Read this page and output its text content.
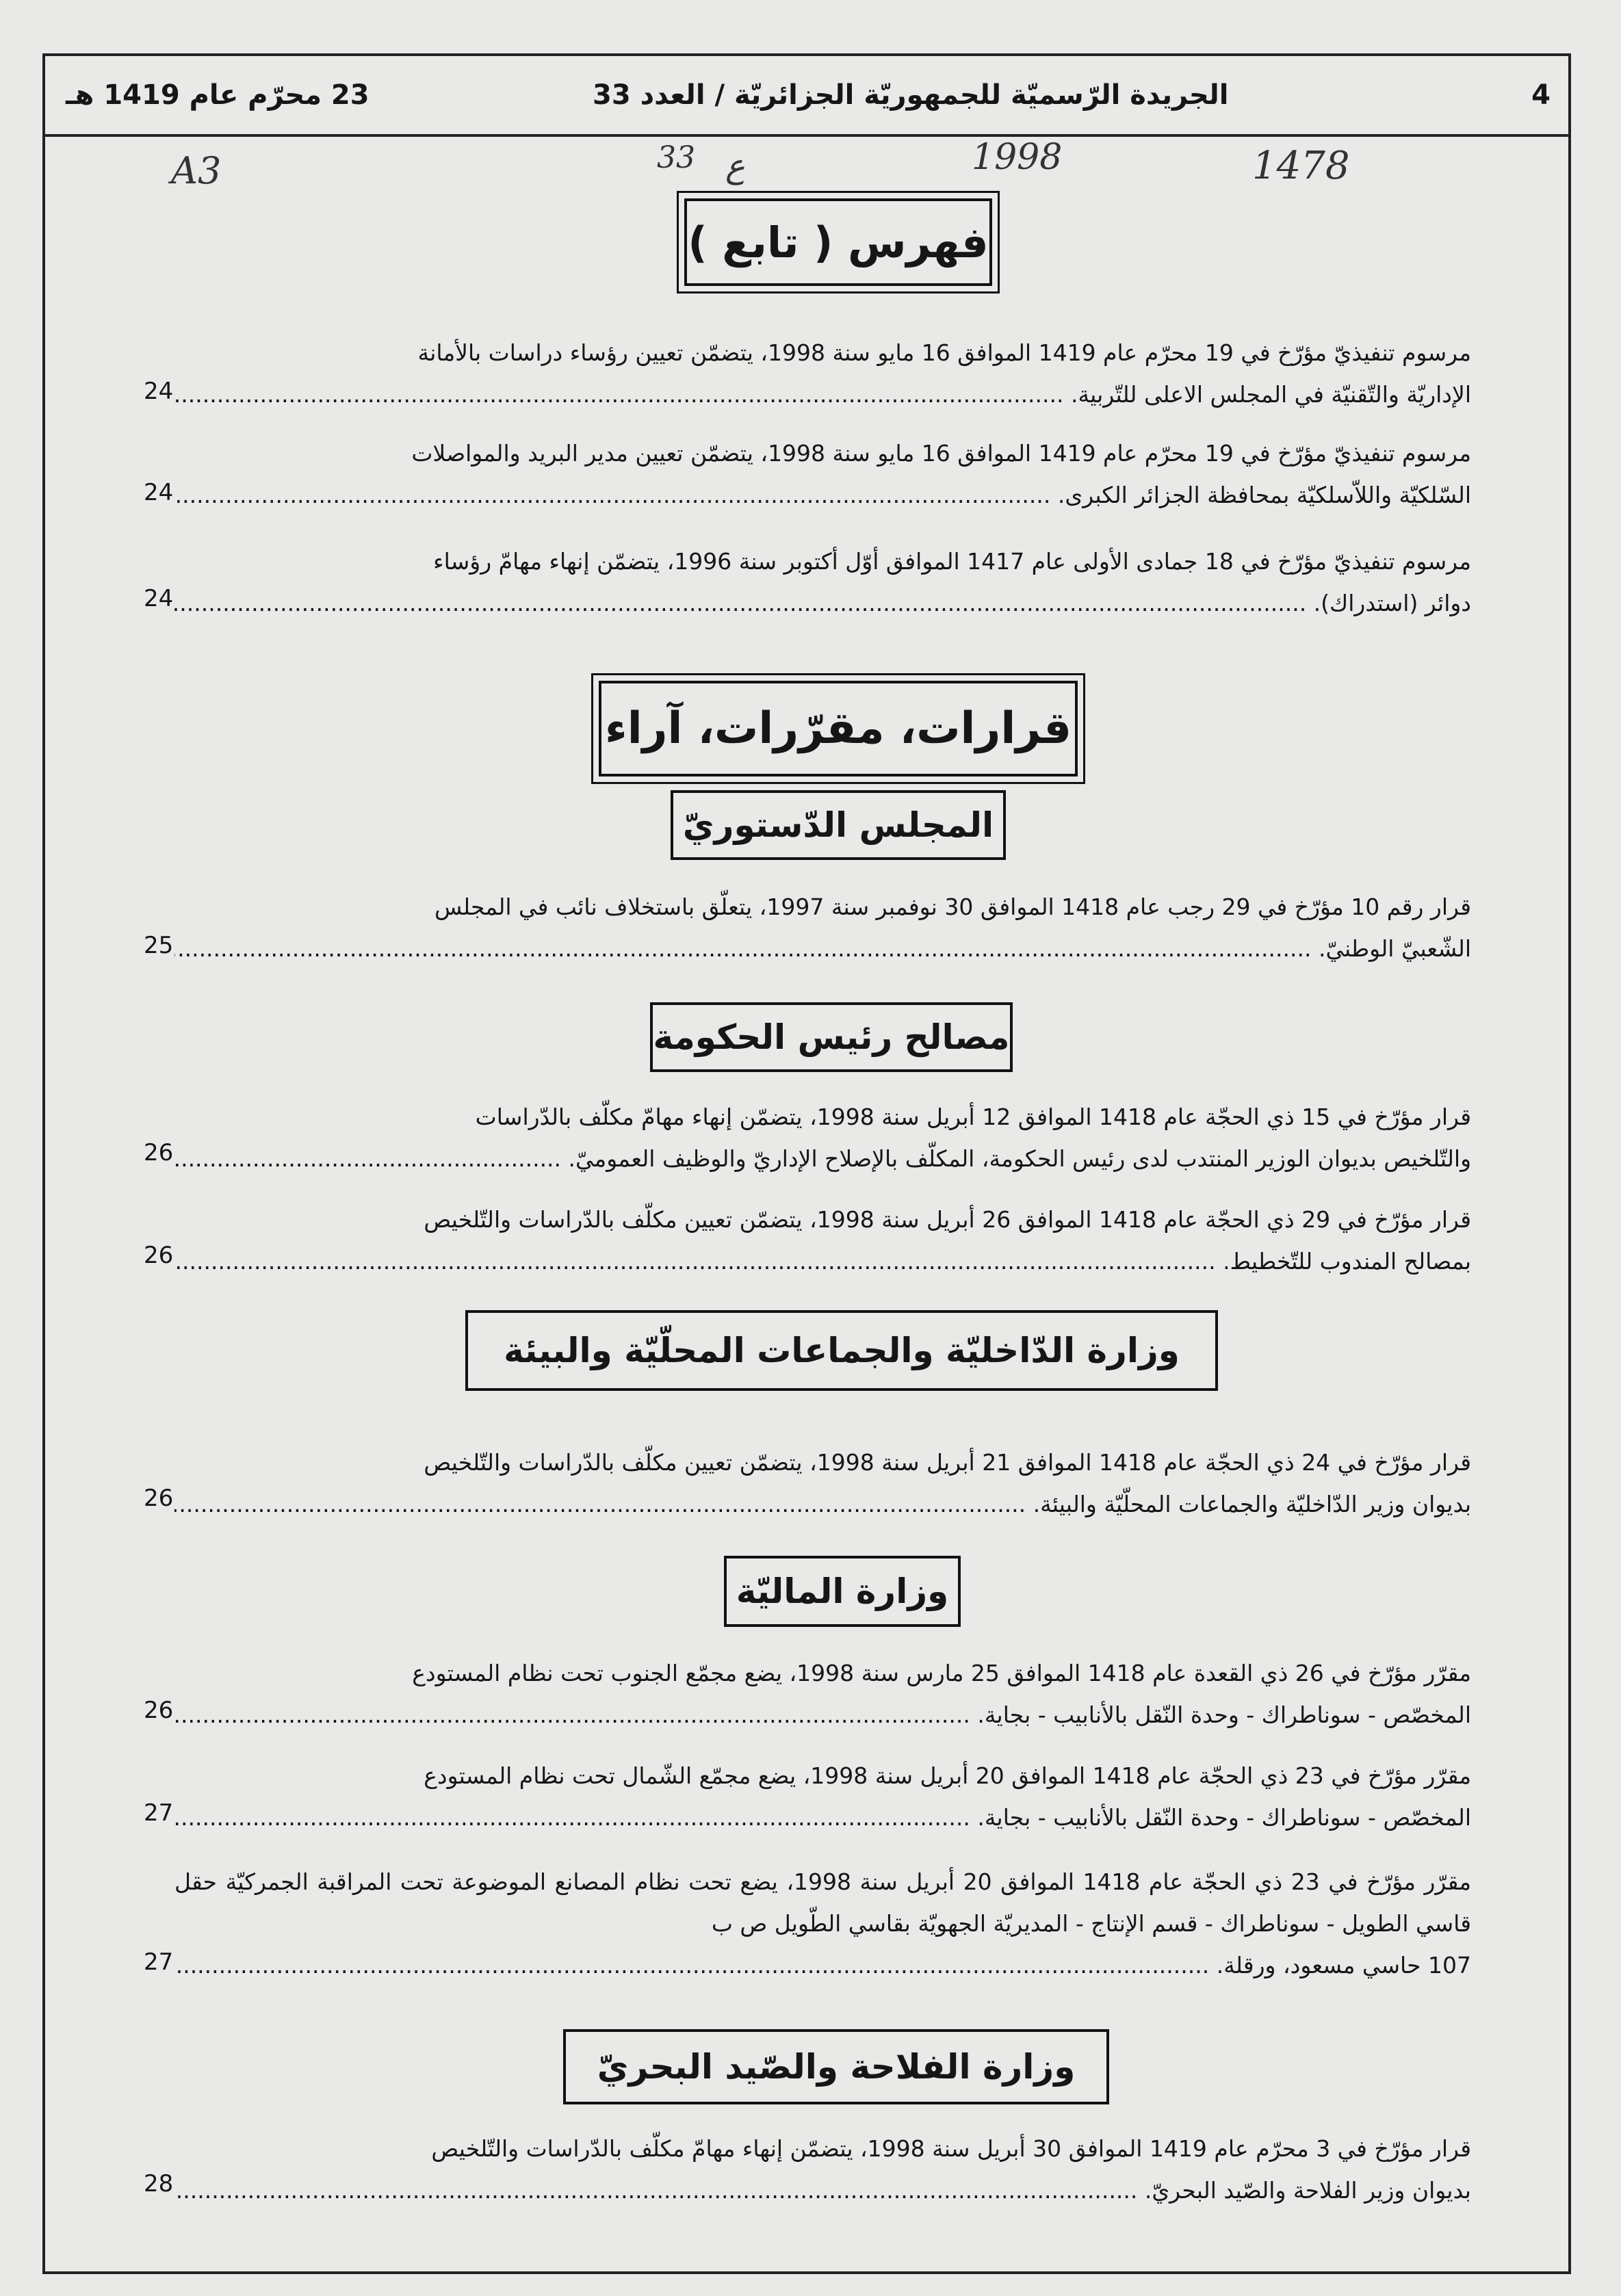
23 محرّم عام 1419 هـ	الجريدة الرّسميّة للجمهوريّة الجزائريّة / العدد 33	4
A3	33 ع	1998	1478
فهرس ( تابع )

مرسوم تنفيذيّ مؤرّخ في 19 محرّم عام 1419 الموافق 16 مايو سنة 1998، يتضمّن تعيين رؤساء دراسات بالأمانة

الإداريّة والتّقنيّة في المجلس الاعلى للتّربية. .....
24

مرسوم تنفيذيّ مؤرّخ في 19 محرّم عام 1419 الموافق 16 مايو سنة 1998، يتضمّن تعيين مدير البريد والمواصلات

السّلكيّة واللاّسلكيّة بمحافظة الجزائر الكبرى. .....
24

مرسوم تنفيذيّ مؤرّخ في 18 جمادى الأولى عام 1417 الموافق أوّل أكتوبر سنة 1996، يتضمّن إنهاء مهامّ رؤساء

دوائر (استدراك). .....
24
قرارات، مقرّرات، آراء
المجلس الدّستوريّ

قرار رقم 10 مؤرّخ في 29 رجب عام 1418 الموافق 30 نوفمبر سنة 1997، يتعلّق باستخلاف نائب في المجلس

الشّعبيّ الوطنيّ. .....
25
مصالح رئيس الحكومة

قرار مؤرّخ في 15 ذي الحجّة عام 1418 الموافق 12 أبريل سنة 1998، يتضمّن إنهاء مهامّ مكلّف بالدّراسات

والتّلخيص بديوان الوزير المنتدب لدى رئيس الحكومة، المكلّف بالإصلاح الإداريّ والوظيف العموميّ. .....
26

قرار مؤرّخ في 29 ذي الحجّة عام 1418 الموافق 26 أبريل سنة 1998، يتضمّن تعيين مكلّف بالدّراسات والتّلخيص

بمصالح المندوب للتّخطيط. .....
26
وزارة الدّاخليّة والجماعات المحلّيّة والبيئة

قرار مؤرّخ في 24 ذي الحجّة عام 1418 الموافق 21 أبريل سنة 1998، يتضمّن تعيين مكلّف بالدّراسات والتّلخيص

بديوان وزير الدّاخليّة والجماعات المحلّيّة والبيئة. .....
26
وزارة الماليّة

مقرّر مؤرّخ في 26 ذي القعدة عام 1418 الموافق 25 مارس سنة 1998، يضع مجمّع الجنوب تحت نظام المستودع

المخصّص - سوناطراك - وحدة النّقل بالأنابيب - بجاية. .....
26

مقرّر مؤرّخ في 23 ذي الحجّة عام 1418 الموافق 20 أبريل سنة 1998، يضع مجمّع الشّمال تحت نظام المستودع

المخصّص - سوناطراك - وحدة النّقل بالأنابيب - بجاية. .....
27

مقرّر مؤرّخ في 23 ذي الحجّة عام 1418 الموافق 20 أبريل سنة 1998، يضع تحت نظام المصانع الموضوعة تحت المراقبة الجمركيّة حقل قاسي الطويل - سوناطراك - قسم الإنتاج - المديريّة الجهويّة بقاسي الطّويل ص ب

107 حاسي مسعود، ورقلة. .....
27
وزارة الفلاحة والصّيد البحريّ

قرار مؤرّخ في 3 محرّم عام 1419 الموافق 30 أبريل سنة 1998، يتضمّن إنهاء مهامّ مكلّف بالدّراسات والتّلخيص

بديوان وزير الفلاحة والصّيد البحريّ. .....
28
